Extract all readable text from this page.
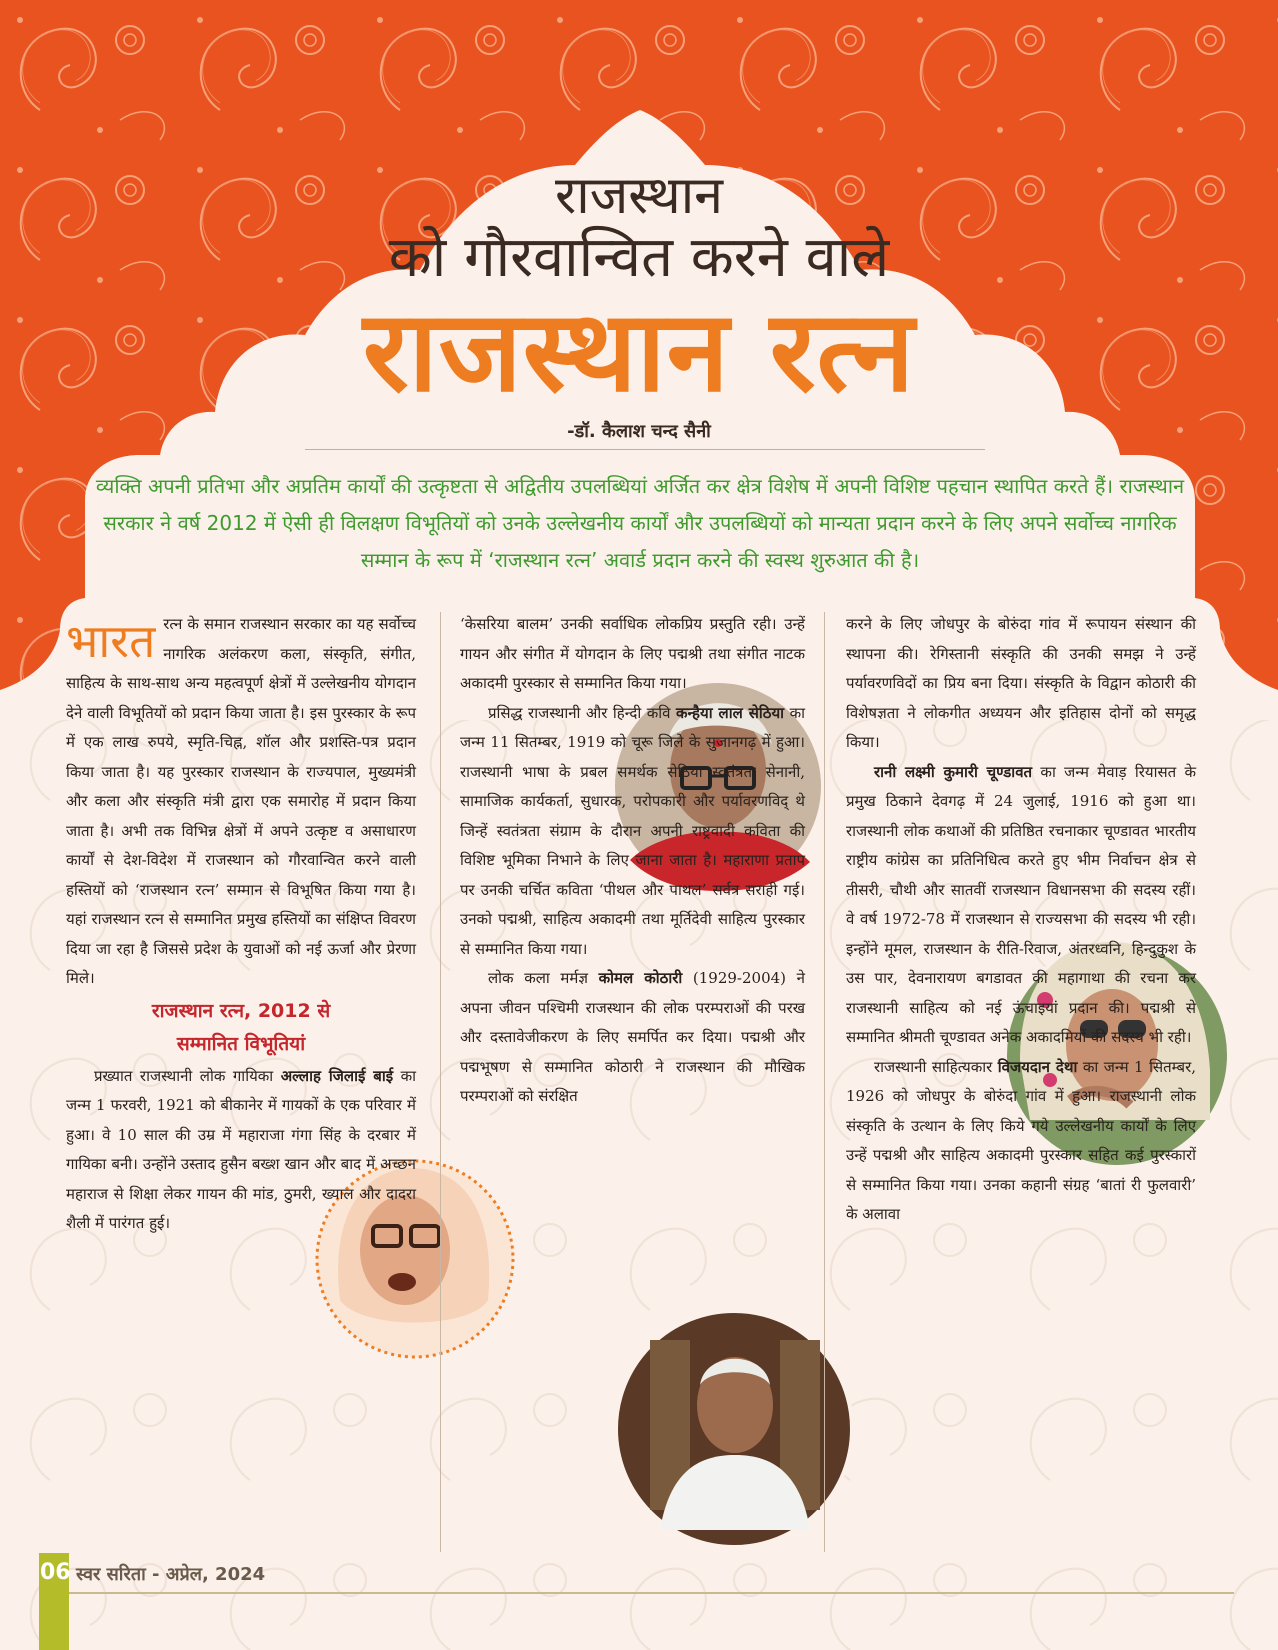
राजस्थान
को गौरवान्वित करने वाले
राजस्थान रत्न
-डॉ. कैलाश चन्द सैनी
व्यक्ति अपनी प्रतिभा और अप्रतिम कार्यों की उत्कृष्टता से अद्वितीय उपलब्धियां अर्जित कर क्षेत्र विशेष में अपनी विशिष्ट पहचान स्थापित करते हैं। राजस्थान सरकार ने वर्ष 2012 में ऐसी ही विलक्षण विभूतियों को उनके उल्लेखनीय कार्यों और उपलब्धियों को मान्यता प्रदान करने के लिए अपने सर्वोच्च नागरिक सम्मान के रूप में ‘राजस्थान रत्न’ अवार्ड प्रदान करने की स्वस्थ शुरुआत की है।

भारत रत्न के समान राजस्थान सरकार का यह सर्वोच्च नागरिक अलंकरण कला, संस्कृति, संगीत, साहित्य के साथ-साथ अन्य महत्वपूर्ण क्षेत्रों में उल्लेखनीय योगदान देने वाली विभूतियों को प्रदान किया जाता है। इस पुरस्कार के रूप में एक लाख रुपये, स्मृति-चिह्न, शॉल और प्रशस्ति-पत्र प्रदान किया जाता है। यह पुरस्कार राजस्थान के राज्यपाल, मुख्यमंत्री और कला और संस्कृति मंत्री द्वारा एक समारोह में प्रदान किया जाता है। अभी तक विभिन्न क्षेत्रों में अपने उत्कृष्ट व असाधारण कार्यों से देश-विदेश में राजस्थान को गौरवान्वित करने वाली हस्तियों को ‘राजस्थान रत्न’ सम्मान से विभूषित किया गया है। यहां राजस्थान रत्न से सम्मानित प्रमुख हस्तियों का संक्षिप्त विवरण दिया जा रहा है जिससे प्रदेश के युवाओं को नई ऊर्जा और प्रेरणा मिले।

राजस्थान रत्न, 2012 से
सम्मानित विभूतियां

प्रख्यात राजस्थानी लोक गायिका अल्लाह जिलाई बाई का जन्म 1 फरवरी, 1921 को बीकानेर में गायकों के एक परिवार में हुआ। वे 10 साल की उम्र में महाराजा गंगा सिंह के दरबार में गायिका बनी। उन्होंने उस्ताद हुसैन बख्श खान और बाद में अच्छन महाराज से शिक्षा लेकर गायन की मांड, ठुमरी, ख्याल और दादरा शैली में पारंगत हुई।

‘केसरिया बालम’ उनकी सर्वाधिक लोकप्रिय प्रस्तुति रही। उन्हें गायन और संगीत में योगदान के लिए पद्मश्री तथा संगीत नाटक अकादमी पुरस्कार से सम्मानित किया गया।

प्रसिद्ध राजस्थानी और हिन्दी कवि कन्हैया लाल सेठिया का जन्म 11 सितम्बर, 1919 को चूरू जिले के सुजानगढ़ में हुआ। राजस्थानी भाषा के प्रबल समर्थक सेठिया स्वतंत्रता सेनानी, सामाजिक कार्यकर्ता, सुधारक, परोपकारी और पर्यावरणविद् थे जिन्हें स्वतंत्रता संग्राम के दौरान अपनी राष्ट्रवादी कविता की विशिष्ट भूमिका निभाने के लिए जाना जाता है। महाराणा प्रताप पर उनकी चर्चित कविता ‘पीथल और पाथल’ सर्वत्र सराही गई। उनको पद्मश्री, साहित्य अकादमी तथा मूर्तिदेवी साहित्य पुरस्कार से सम्मानित किया गया।

लोक कला मर्मज्ञ कोमल कोठारी (1929-2004) ने अपना जीवन पश्चिमी राजस्थान की लोक परम्पराओं की परख और दस्तावेजीकरण के लिए समर्पित कर दिया। पद्मश्री और पद्मभूषण से सम्मानित कोठारी ने राजस्थान की मौखिक परम्पराओं को संरक्षित

करने के लिए जोधपुर के बोरुंदा गांव में रूपायन संस्थान की स्थापना की। रेगिस्तानी संस्कृति की उनकी समझ ने उन्हें पर्यावरणविदों का प्रिय बना दिया। संस्कृति के विद्वान कोठारी की विशेषज्ञता ने लोकगीत अध्ययन और इतिहास दोनों को समृद्ध किया।

रानी लक्ष्मी कुमारी चूण्डावत का जन्म मेवाड़ रियासत के प्रमुख ठिकाने देवगढ़ में 24 जुलाई, 1916 को हुआ था। राजस्थानी लोक कथाओं की प्रतिष्ठित रचनाकार चूण्डावत भारतीय राष्ट्रीय कांग्रेस का प्रतिनिधित्व करते हुए भीम निर्वाचन क्षेत्र से तीसरी, चौथी और सातवीं राजस्थान विधानसभा की सदस्य रहीं। वे वर्ष 1972-78 में राजस्थान से राज्यसभा की सदस्य भी रही। इन्होंने मूमल, राजस्थान के रीति-रिवाज, अंतरध्वनि, हिन्दुकुश के उस पार, देवनारायण बगडावत की महागाथा की रचना कर राजस्थानी साहित्य को नई ऊंचाइयां प्रदान की। पद्मश्री से सम्मानित श्रीमती चूण्डावत अनेक अकादमियों की सदस्य भी रही।

राजस्थानी साहित्यकार विजयदान देथा का जन्म 1 सितम्बर, 1926 को जोधपुर के बोरुंदा गांव में हुआ। राजस्थानी लोक संस्कृति के उत्थान के लिए किये गये उल्लेखनीय कार्यों के लिए उन्हें पद्मश्री और साहित्य अकादमी पुरस्कार सहित कई पुरस्कारों से सम्मानित किया गया। उनका कहानी संग्रह ‘बातां री फुलवारी’ के अलावा

06 स्वर सरिता - अप्रेल, 2024
